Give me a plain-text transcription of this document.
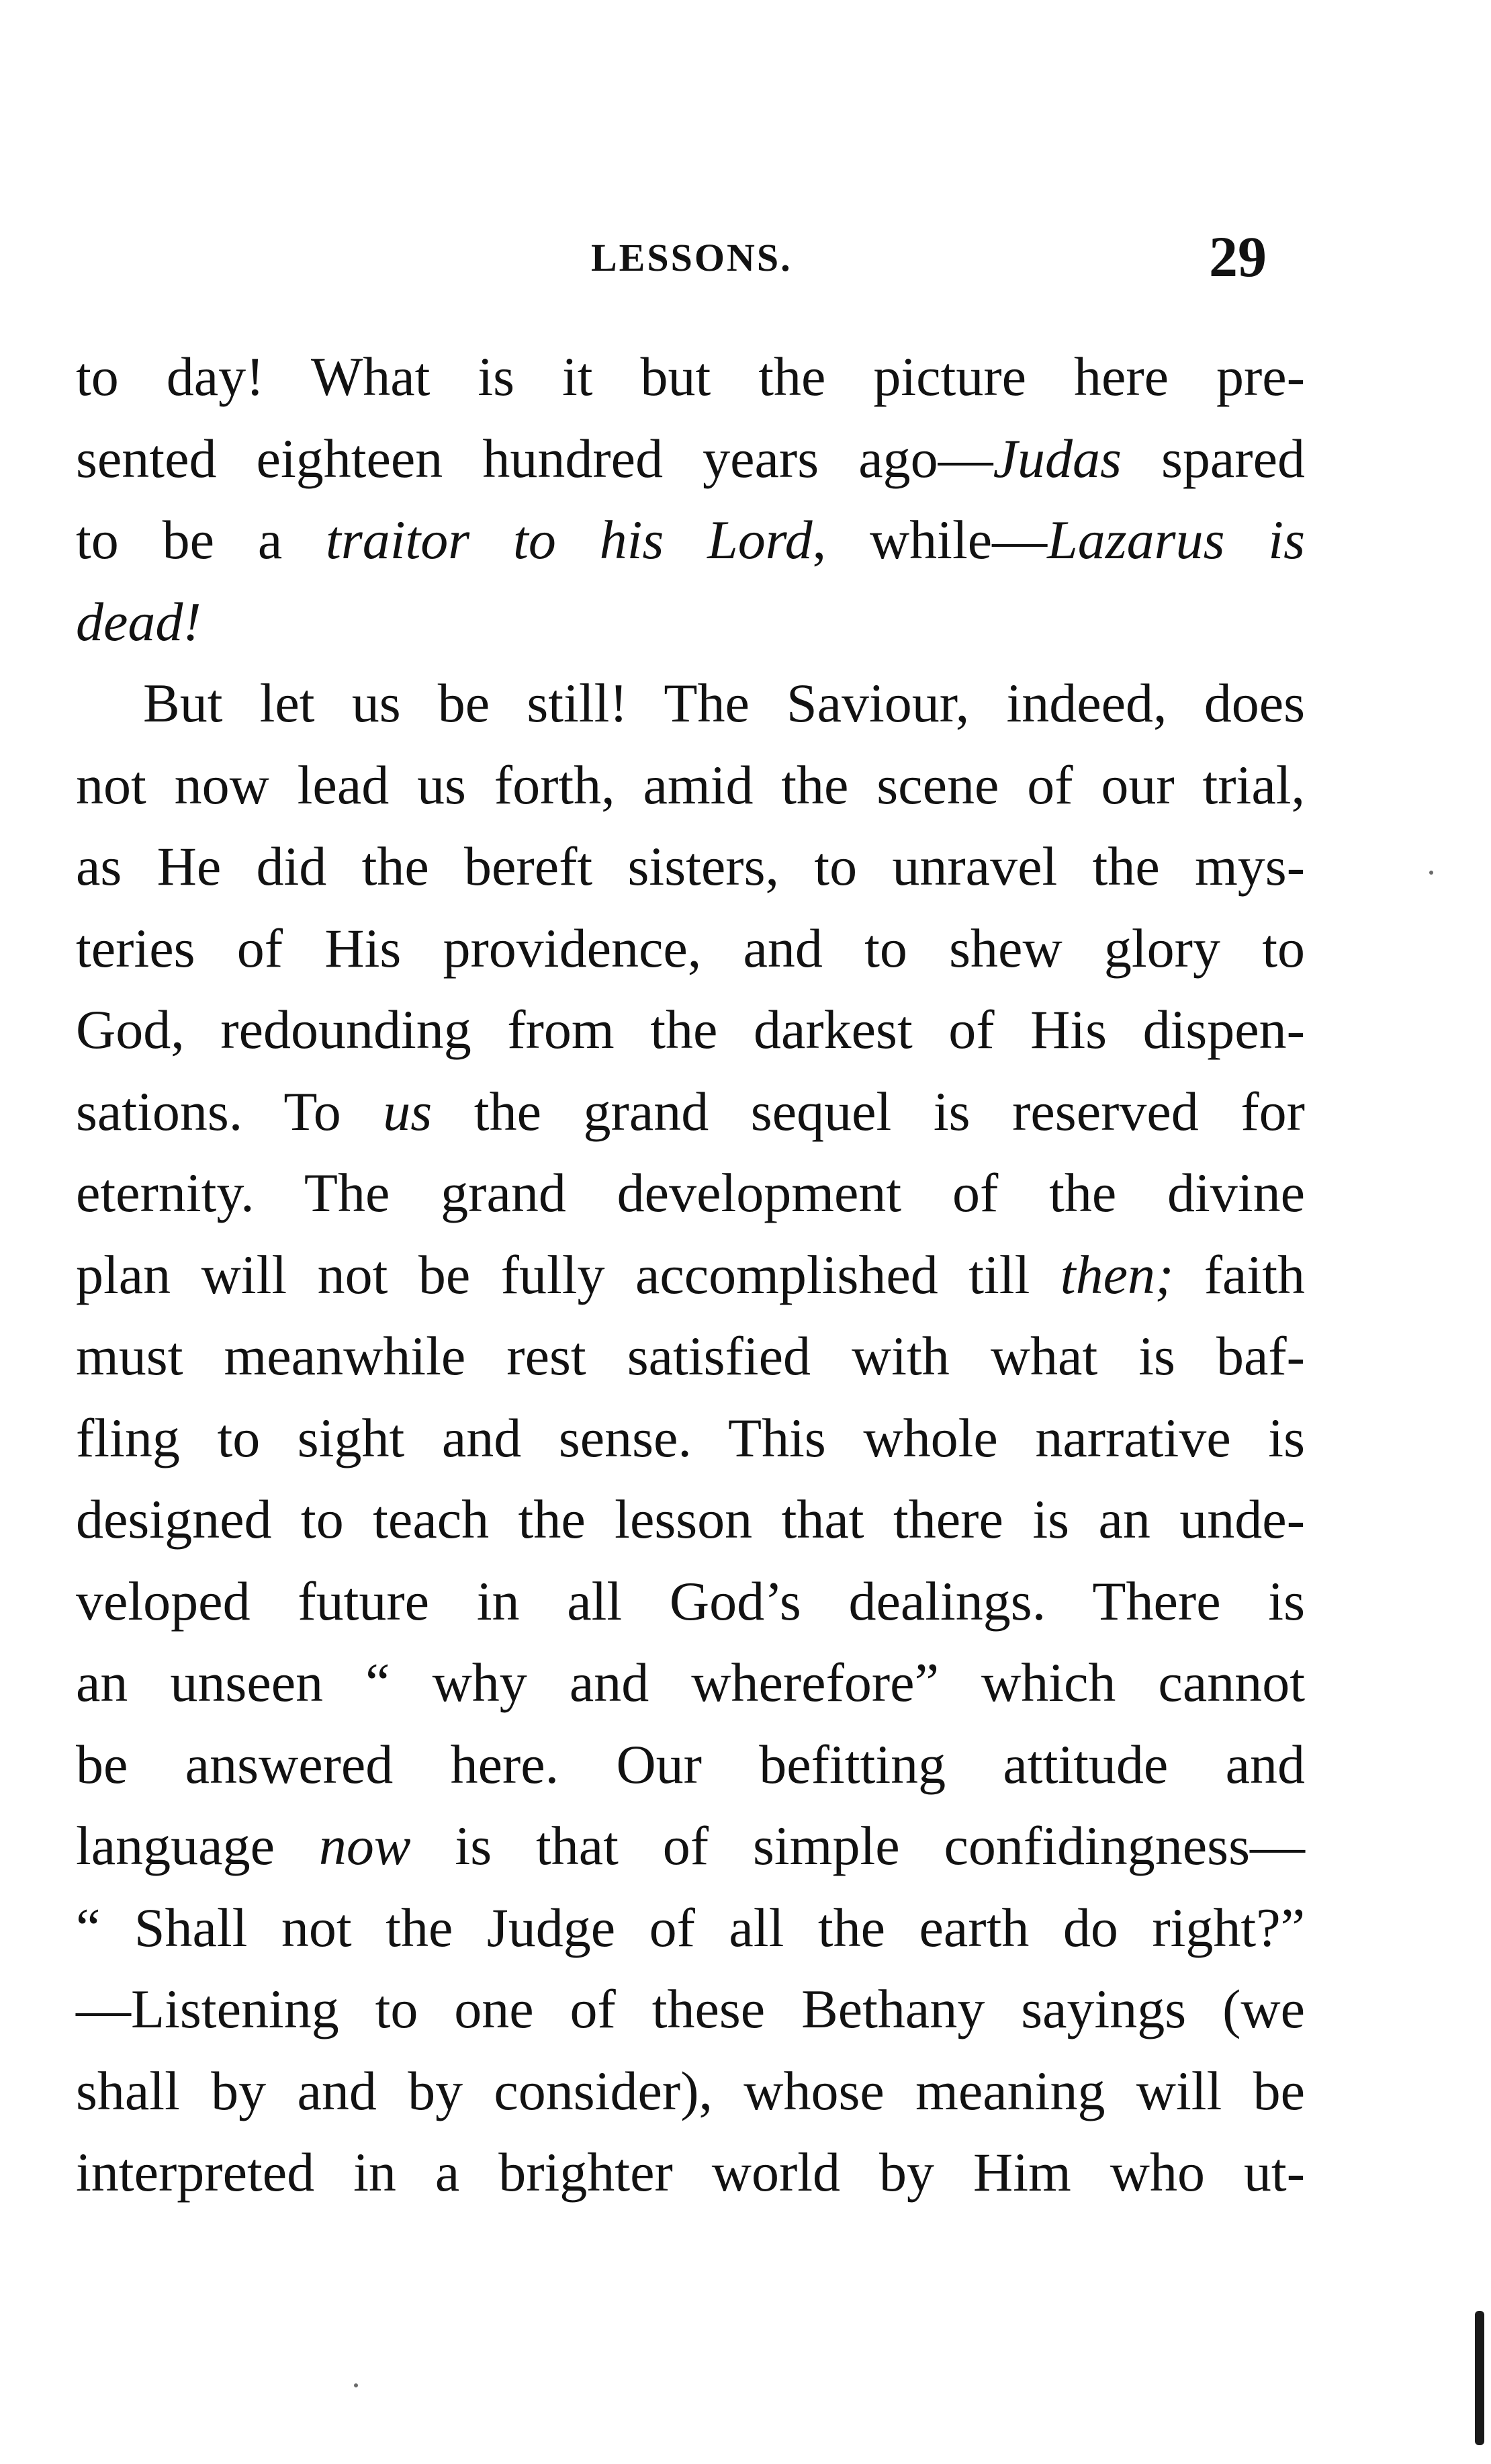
LESSONS.	29
to day! What is it but the picture here pre-
sented eighteen hundred years ago—Judas spared
to be a traitor to his Lord, while—Lazarus is
dead!
But let us be still! The Saviour, indeed, does
not now lead us forth, amid the scene of our trial,
as He did the bereft sisters, to unravel the mys-
teries of His providence, and to shew glory to
God, redounding from the darkest of His dispen-
sations. To us the grand sequel is reserved for
eternity. The grand development of the divine
plan will not be fully accomplished till then; faith
must meanwhile rest satisfied with what is baf-
fling to sight and sense. This whole narrative is
designed to teach the lesson that there is an unde-
veloped future in all God’s dealings. There is
an unseen “ why and wherefore” which cannot
be answered here. Our befitting attitude and
language now is that of simple confidingness—
“ Shall not the Judge of all the earth do right?”
—Listening to one of these Bethany sayings (we
shall by and by consider), whose meaning will be
interpreted in a brighter world by Him who ut-
